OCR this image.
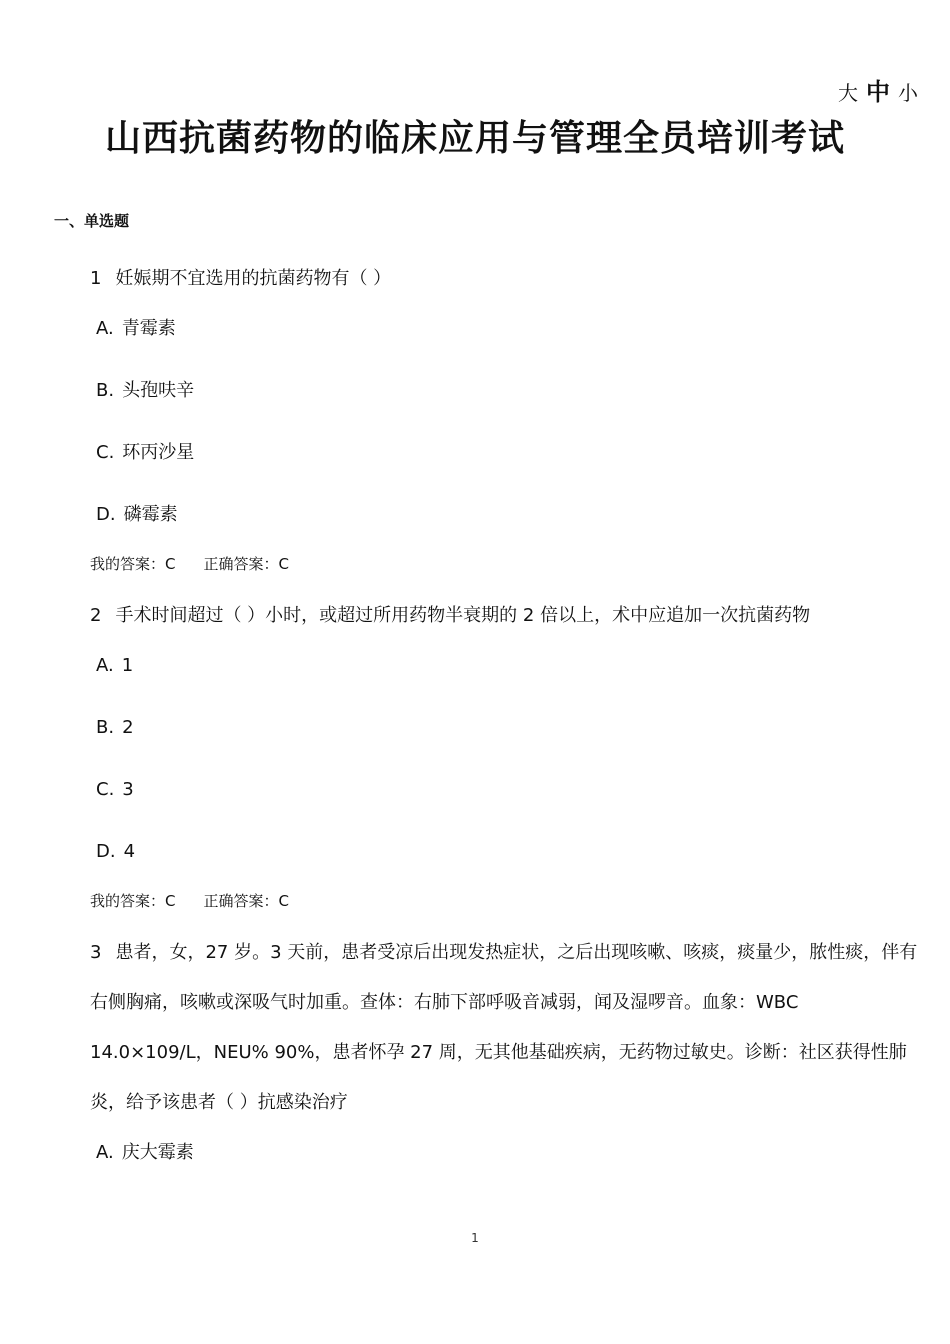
大 中 小
山西抗菌药物的临床应用与管理全员培训考试
一、单选题

1 妊娠期不宜选用的抗菌药物有（ ）

A. 青霉素
B. 头孢呋辛
C. 环丙沙星
D. 磷霉素
我的答案：C 正确答案：C

2 手术时间超过（ ）小时，或超过所用药物半衰期的 2 倍以上，术中应追加一次抗菌药物

A. 1
B. 2
C. 3
D. 4
我的答案：C 正确答案：C

3 患者，女，27 岁。3 天前，患者受凉后出现发热症状，之后出现咳嗽、咳痰，痰量少，脓性痰，伴有右侧胸痛，咳嗽或深吸气时加重。查体：右肺下部呼吸音减弱，闻及湿啰音。血象：WBC 14.0×109/L，NEU% 90%，患者怀孕 27 周，无其他基础疾病，无药物过敏史。诊断：社区获得性肺炎，给予该患者（ ）抗感染治疗

A. 庆大霉素
1
